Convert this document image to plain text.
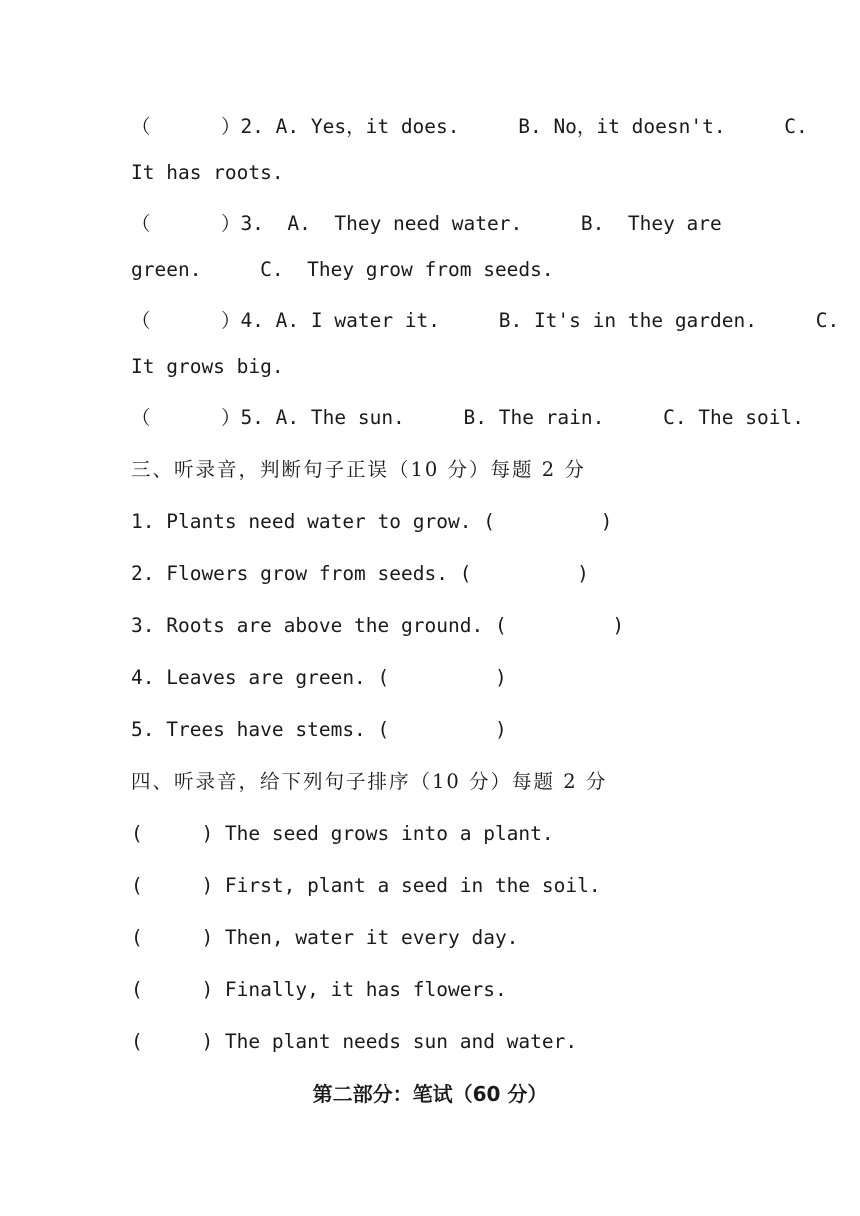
（      ）2. A. Yes，it does.     B. No，it doesn't.     C.
It has roots.
（      ）3.  A.  They need water.     B.  They are
green.     C.  They grow from seeds.
（      ）4. A. I water it.     B. It's in the garden.     C.
It grows big.
（      ）5. A. The sun.     B. The rain.     C. The soil.
三、听录音，判断句子正误（10 分）每题 2 分
1. Plants need water to grow. (         )
2. Flowers grow from seeds. (         )
3. Roots are above the ground. (         )
4. Leaves are green. (         )
5. Trees have stems. (         )
四、听录音，给下列句子排序（10 分）每题 2 分
(     ) The seed grows into a plant.
(     ) First, plant a seed in the soil.
(     ) Then, water it every day.
(     ) Finally, it has flowers.
(     ) The plant needs sun and water.
第二部分：笔试（60 分）
